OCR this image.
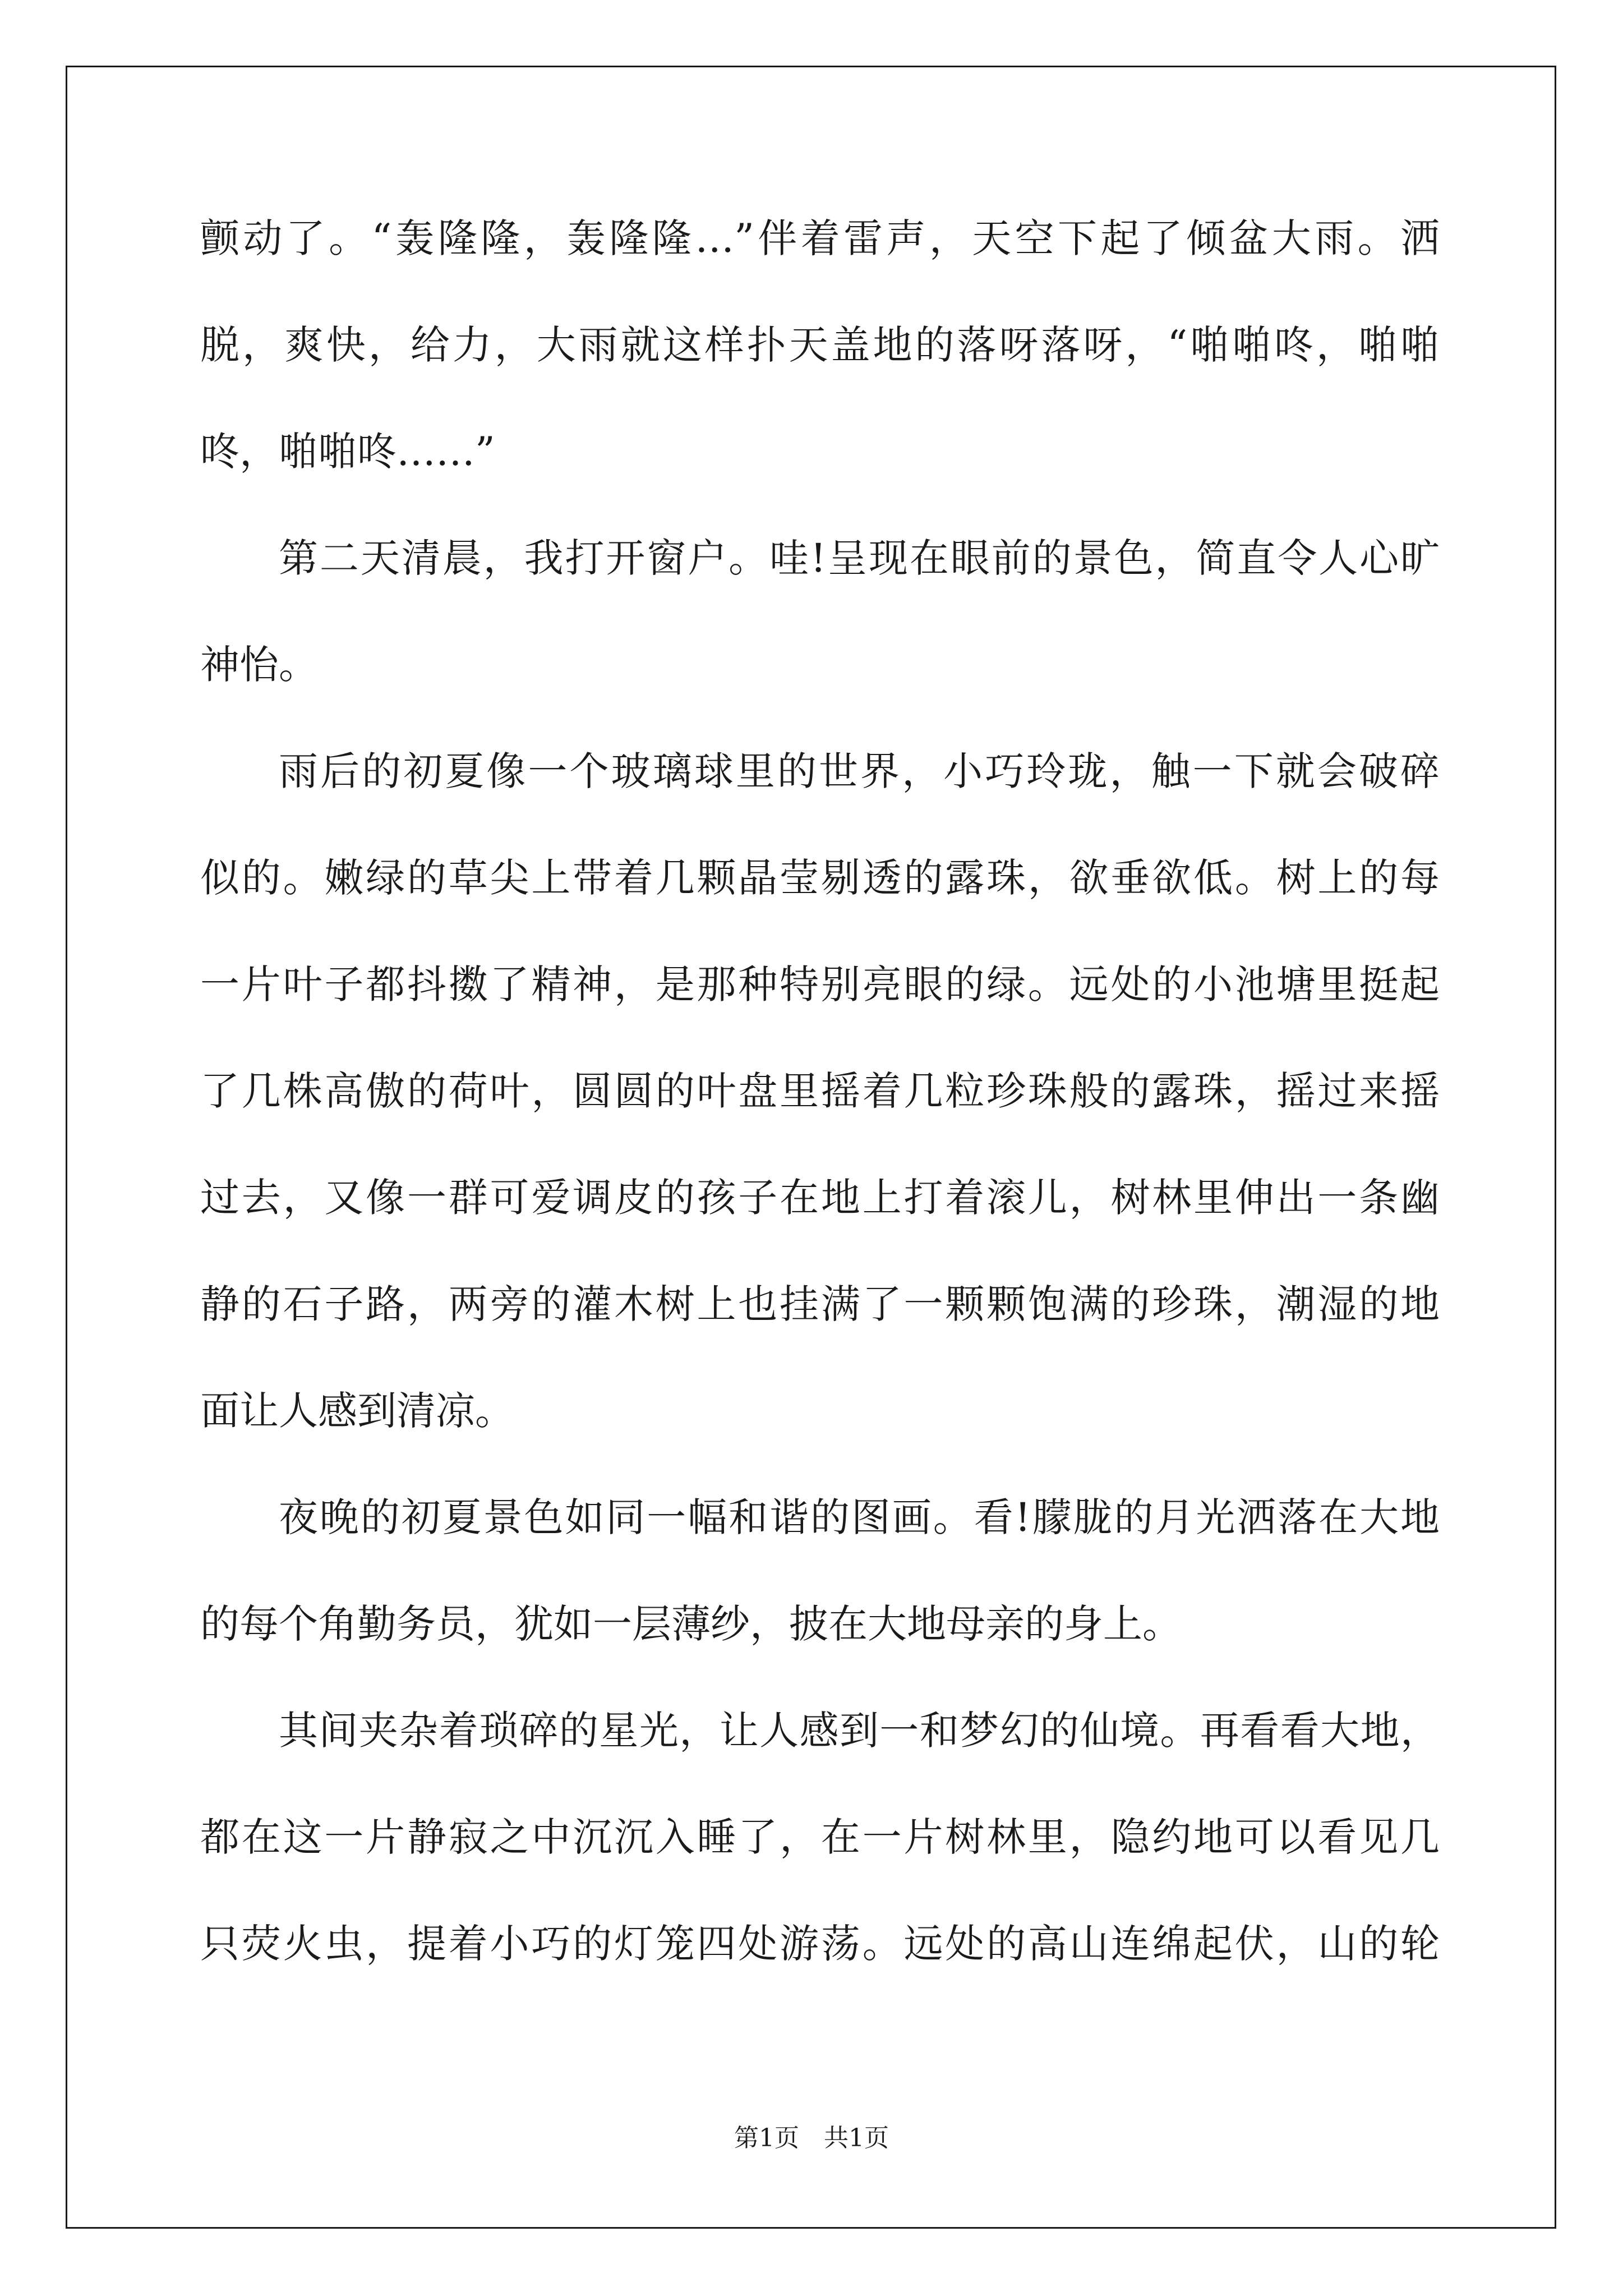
颤动了。“轰隆隆，轰隆隆…”伴着雷声，天空下起了倾盆大雨。洒
脱，爽快，给力，大雨就这样扑天盖地的落呀落呀，“啪啪咚，啪啪
咚，啪啪咚……”
第二天清晨，我打开窗户。哇!呈现在眼前的景色，简直令人心旷
神怡。
雨后的初夏像一个玻璃球里的世界，小巧玲珑，触一下就会破碎
似的。嫩绿的草尖上带着几颗晶莹剔透的露珠，欲垂欲低。树上的每
一片叶子都抖擞了精神，是那种特别亮眼的绿。远处的小池塘里挺起
了几株高傲的荷叶，圆圆的叶盘里摇着几粒珍珠般的露珠，摇过来摇
过去，又像一群可爱调皮的孩子在地上打着滚儿，树林里伸出一条幽
静的石子路，两旁的灌木树上也挂满了一颗颗饱满的珍珠，潮湿的地
面让人感到清凉。
夜晚的初夏景色如同一幅和谐的图画。看!朦胧的月光洒落在大地
的每个角勤务员，犹如一层薄纱，披在大地母亲的身上。
其间夹杂着琐碎的星光，让人感到一和梦幻的仙境。再看看大地，
都在这一片静寂之中沉沉入睡了，在一片树林里，隐约地可以看见几
只荧火虫，提着小巧的灯笼四处游荡。远处的高山连绵起伏，山的轮
第1页　共1页
